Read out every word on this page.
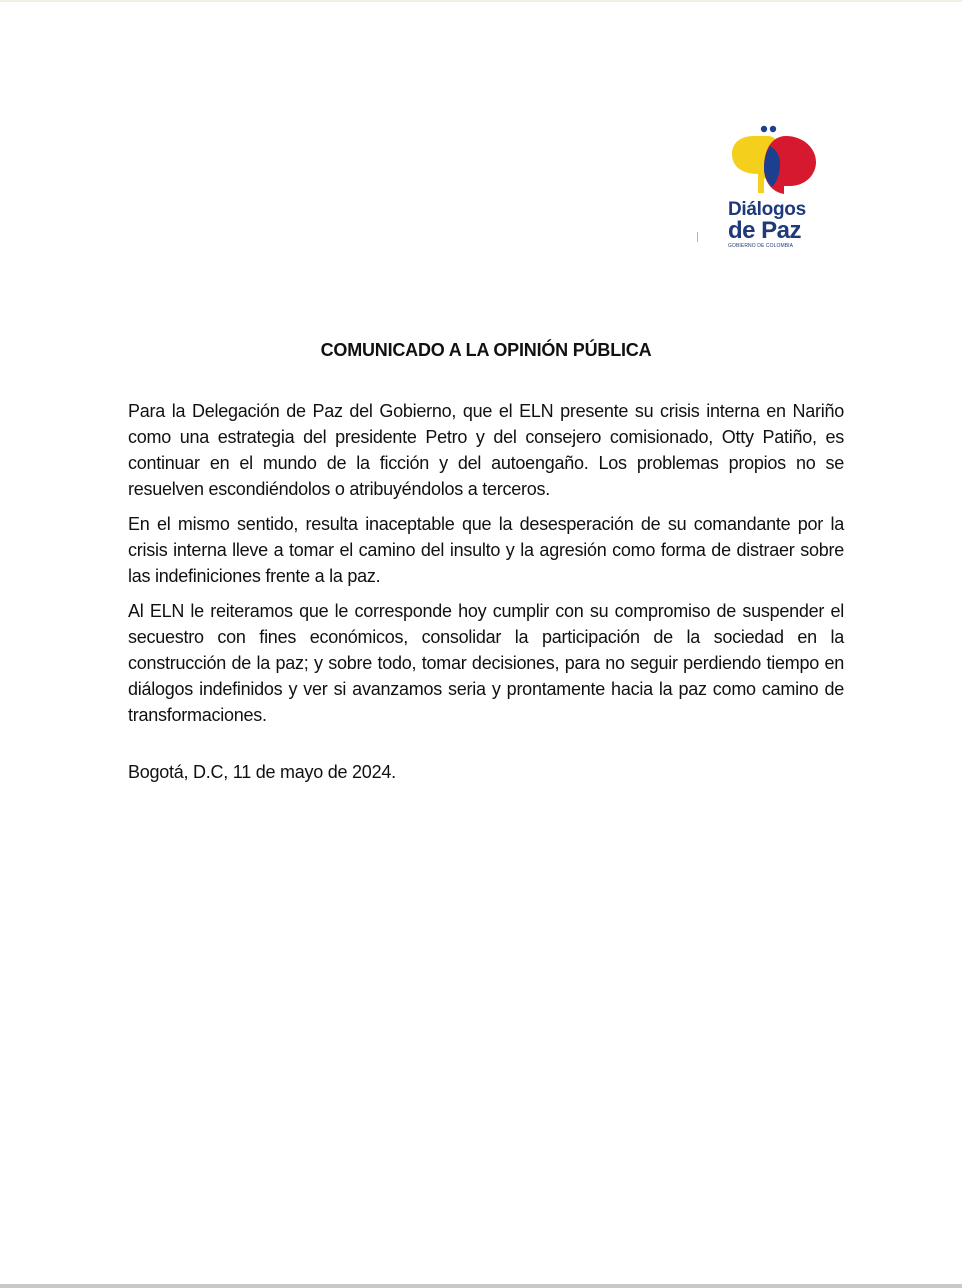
Diálogos
de Paz
GOBIERNO DE COLOMBIA
COMUNICADO A LA OPINIÓN PÚBLICA

Para la Delegación de Paz del Gobierno, que el ELN presente su crisis interna en Nariño como una estrategia del presidente Petro y del consejero comisionado, Otty Patiño, es continuar en el mundo de la ficción y del autoengaño. Los problemas propios no se resuelven escondiéndolos o atribuyéndolos a terceros.

En el mismo sentido, resulta inaceptable que la desesperación de su comandante por la crisis interna lleve a tomar el camino del insulto y la agresión como forma de distraer sobre las indefiniciones frente a la paz.

Al ELN le reiteramos que le corresponde hoy cumplir con su compromiso de suspender el secuestro con fines económicos, consolidar la participación de la sociedad en la construcción de la paz; y sobre todo, tomar decisiones, para no seguir perdiendo tiempo en diálogos indefinidos y ver si avanzamos seria y prontamente hacia la paz como camino de transformaciones.

Bogotá, D.C, 11 de mayo de 2024.
